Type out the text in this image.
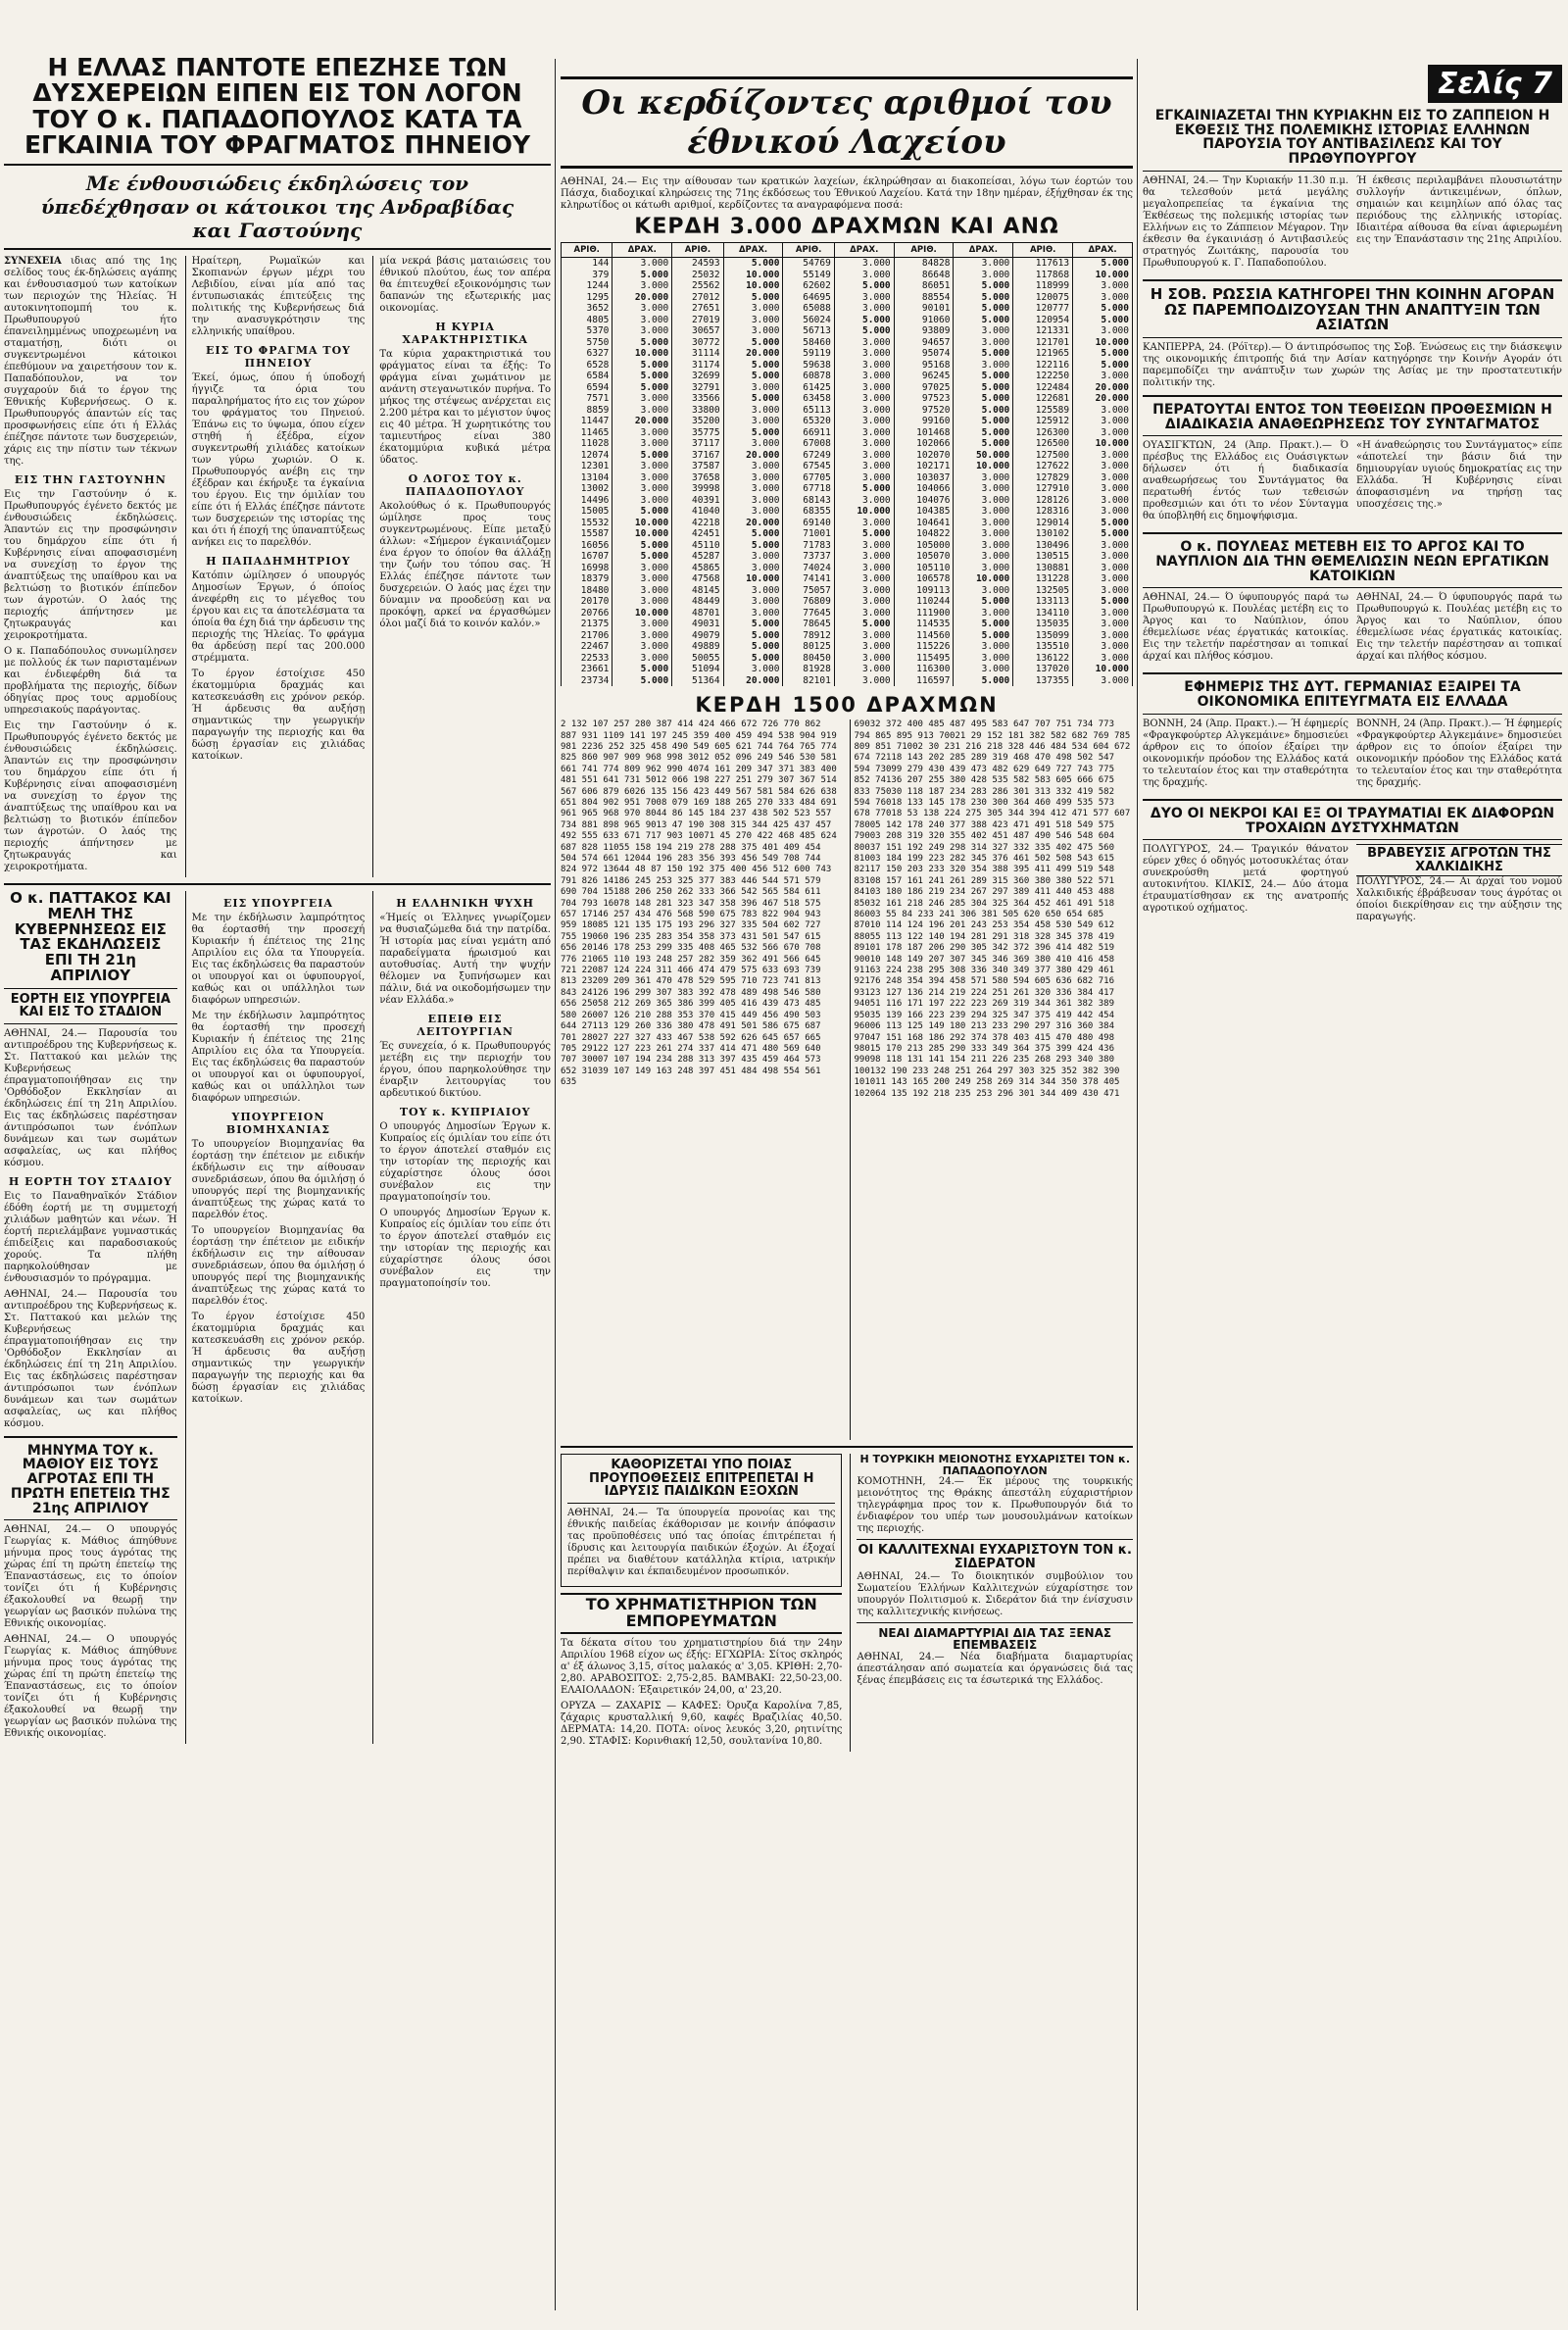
Η ΕΛΛΑΣ ΠΑΝΤΟΤΕ ΕΠΕΖΗΣΕ ΤΩΝ ΔΥΣΧΕΡΕΙΩΝ ΕΙΠΕΝ ΕΙΣ ΤΟΝ ΛΟΓΟΝ ΤΟΥ Ο κ. ΠΑΠΑΔΟΠΟΥΛΟΣ ΚΑΤΑ ΤΑ ΕΓΚΑΙΝΙΑ ΤΟΥ ΦΡΑΓΜΑΤΟΣ ΠΗΝΕΙΟΥ
Με ένθουσιώδεις έκδηλώσεις τον ύπεδέχθησαν οι κάτοικοι της Ανδραβίδας και Γαστούνης

ΣΥΝΕΧΕΙΑ ιδιας από της 1ης σελίδος τους έκ-δηλώσεις αγάπης και ένθουσιασμού των κατοίκων των περιοχών της Ήλείας. Ή αυτοκινητοπομπή του κ. Πρωθυπουργού ήτο έπανειλημμένως υποχρεωμένη να σταματήσῃ, διότι οι συγκεντρωμένοι κάτοικοι έπεθύμουν να χαιρετήσουν τον κ. Παπαδόπουλον, να τον συγχαρούν διά το έργον της Έθνικής Κυβερνήσεως. Ο κ. Πρωθυπουργός άπαντών είς τας προσφωνήσεις είπε ότι ή Ελλάς έπέζησε πάντοτε των δυσχερειών, χάρις εις την πίστιν των τέκνων της.

ΕΙΣ ΤΗΝ ΓΑΣΤΟΥΝΗΝ

Εις την Γαστούνην ό κ. Πρωθυπουργός έγένετο δεκτός με ένθουσιώδεις έκδηλώσεις. Άπαντών εις την προσφώνησιν του δημάρχου είπε ότι ή Κυβέρνησις είναι αποφασισμένη να συνεχίσῃ το έργον της άναπτύξεως της υπαίθρου και να βελτιώσῃ το βιοτικόν έπίπεδον των άγροτών. Ο λαός της περιοχής άπήντησεν με ζητωκραυγάς και χειροκροτήματα.

Ο κ. Παπαδόπουλος συνωμίλησεν με πολλούς έκ των παρισταμένων και ένδιεφέρθη διά τα προβλήματα της περιοχής, δίδων όδηγίας προς τους αρμοδίους υπηρεσιακούς παράγοντας.

Εις την Γαστούνην ό κ. Πρωθυπουργός έγένετο δεκτός με ένθουσιώδεις έκδηλώσεις. Άπαντών εις την προσφώνησιν του δημάρχου είπε ότι ή Κυβέρνησις είναι αποφασισμένη να συνεχίσῃ το έργον της άναπτύξεως της υπαίθρου και να βελτιώσῃ το βιοτικόν έπίπεδον των άγροτών. Ο λαός της περιοχής άπήντησεν με ζητωκραυγάς και χειροκροτήματα.

Ηραίτερη, Ρωμαϊκών και Σκοπιανών έργων μέχρι του Λεβιδίου, είναι μία από τας έντυπωσιακάς έπιτεύξεις της πολιτικής της Κυβερνήσεως διά την ανασυγκρότησιν της ελληνικής υπαίθρου.

ΕΙΣ ΤΟ ΦΡΑΓΜΑ ΤΟΥ ΠΗΝΕΙΟΥ

Έκεί, όμως, όπου ή ύποδοχή ήγγιζε τα όρια του παραληρήματος ήτο εις τον χώρον του φράγματος του Πηνειού. Έπάνω εις το ύψωμα, όπου είχεν στηθή ή έξέδρα, είχον συγκεντρωθή χιλιάδες κατοίκων των γύρω χωριών. Ο κ. Πρωθυπουργός ανέβη εις την έξέδραν και έκήρυξε τα έγκαίνια του έργου. Εις την όμιλίαν του είπε ότι ή Ελλάς έπέζησε πάντοτε των δυσχερειών της ιστορίας της και ότι ή έποχή της ύπαναπτύξεως ανήκει εις το παρελθόν.

Η ΠΑΠΑΔΗΜΗΤΡΙΟΥ

Κατόπιν ώμίλησεν ό υπουργός Δημοσίων Έργων, ό όποίος άνεφέρθη εις το μέγεθος του έργου και εις τα άποτελέσματα τα όποία θα έχη διά την άρδευσιν της περιοχής της Ήλείας. Το φράγμα θα άρδεύσῃ περί τας 200.000 στρέμματα.

Το έργον έστοίχισε 450 έκατομμύρια δραχμάς και κατεσκευάσθη εις χρόνον ρεκόρ. Ή άρδευσις θα αυξήσῃ σημαντικώς την γεωργικήν παραγωγήν της περιοχής και θα δώσῃ έργασίαν εις χιλιάδας κατοίκων.

μία νεκρά βάσις ματαιώσεις του έθνικού πλούτου, έως τον απέρα θα έπιτευχθεί εξοικονόμησις των δαπανών της εξωτερικής μας οικονομίας.

Η ΚΥΡΙΑ ΧΑΡΑΚΤΗΡΙΣΤΙΚΑ

Τα κύρια χαρακτηριστικά του φράγματος είναι τα έξής: Το φράγμα είναι χωμάτινον με ανάντη στεγανωτικόν πυρήνα. Το μήκος της στέψεως ανέρχεται εις 2.200 μέτρα και το μέγιστον ύψος εις 40 μέτρα. Ή χωρητικότης του ταμιευτήρος είναι 380 έκατομμύρια κυβικά μέτρα ύδατος.

Ο ΛΟΓΟΣ ΤΟΥ κ. ΠΑΠΑΔΟΠΟΥΛΟΥ

Ακολούθως ό κ. Πρωθυπουργός ώμίλησε προς τους συγκεντρωμένους. Είπε μεταξύ άλλων: «Σήμερον έγκαινιάζομεν ένα έργον το όποίον θα άλλάξῃ την ζωήν του τόπου σας. Ή Ελλάς έπέζησε πάντοτε των δυσχερειών. Ο λαός μας έχει την δύναμιν να προοδεύσῃ και να προκόψῃ, αρκεί να έργασθώμεν όλοι μαζί διά το κοινόν καλόν.»

Ο κ. ΠΑΤΤΑΚΟΣ ΚΑΙ ΜΕΛΗ ΤΗΣ ΚΥΒΕΡΝΗΣΕΩΣ ΕΙΣ ΤΑΣ ΕΚΔΗΛΩΣΕΙΣ ΕΠΙ ΤΗ 21η ΑΠΡΙΛΙΟΥ
ΕΟΡΤΗ ΕΙΣ ΥΠΟΥΡΓΕΙΑ ΚΑΙ ΕΙΣ ΤΟ ΣΤΑΔΙΟΝ

ΑΘΗΝΑΙ, 24.— Παρουσία του αντιπροέδρου της Κυβερνήσεως κ. Στ. Παττακού και μελών της Κυβερνήσεως έπραγματοποιήθησαν εις την 'Ορθόδοξον Εκκλησίαν αι έκδηλώσεις έπί τη 21η Απριλίου. Εις τας έκδηλώσεις παρέστησαν άντιπρόσωποι των ένόπλων δυνάμεων και των σωμάτων ασφαλείας, ως και πλήθος κόσμου.

Η ΕΟΡΤΗ ΤΟΥ ΣΤΑΔΙΟΥ

Εις το Παναθηναϊκόν Στάδιον έδόθη έορτή με τη συμμετοχή χιλιάδων μαθητών και νέων. Ή έορτή περιελάμβανε γυμναστικάς έπιδείξεις και παραδοσιακούς χορούς. Τα πλήθη παρηκολούθησαν με ένθουσιασμόν το πρόγραμμα.

ΑΘΗΝΑΙ, 24.— Παρουσία του αντιπροέδρου της Κυβερνήσεως κ. Στ. Παττακού και μελών της Κυβερνήσεως έπραγματοποιήθησαν εις την 'Ορθόδοξον Εκκλησίαν αι έκδηλώσεις έπί τη 21η Απριλίου. Εις τας έκδηλώσεις παρέστησαν άντιπρόσωποι των ένόπλων δυνάμεων και των σωμάτων ασφαλείας, ως και πλήθος κόσμου.

ΜΗΝΥΜΑ ΤΟΥ κ. ΜΑΘΙΟΥ ΕΙΣ ΤΟΥΣ ΑΓΡΟΤΑΣ ΕΠΙ ΤΗ ΠΡΩΤΗ ΕΠΕΤΕΙΩ ΤΗΣ 21ης ΑΠΡΙΛΙΟΥ

ΑΘΗΝΑΙ, 24.— Ο υπουργός Γεωργίας κ. Μάθιος άπηύθυνε μήνυμα προς τους άγρότας της χώρας έπί τη πρώτη έπετείῳ της Έπαναστάσεως, εις το όποίον τονίζει ότι ή Κυβέρνησις έξακολουθεί να θεωρῇ την γεωργίαν ως βασικόν πυλώνα της Εθνικής οικονομίας.

ΑΘΗΝΑΙ, 24.— Ο υπουργός Γεωργίας κ. Μάθιος άπηύθυνε μήνυμα προς τους άγρότας της χώρας έπί τη πρώτη έπετείῳ της Έπαναστάσεως, εις το όποίον τονίζει ότι ή Κυβέρνησις έξακολουθεί να θεωρῇ την γεωργίαν ως βασικόν πυλώνα της Εθνικής οικονομίας.

ΕΙΣ ΥΠΟΥΡΓΕΙΑ

Με την έκδήλωσιν λαμπρότητος θα έορτασθή την προσεχή Κυριακήν ή έπέτειος της 21ης Απριλίου εις όλα τα Υπουργεία. Εις τας έκδηλώσεις θα παραστούν οι υπουργοί και οι ύφυπουργοί, καθώς και οι υπάλληλοι των διαφόρων υπηρεσιών.

Με την έκδήλωσιν λαμπρότητος θα έορτασθή την προσεχή Κυριακήν ή έπέτειος της 21ης Απριλίου εις όλα τα Υπουργεία. Εις τας έκδηλώσεις θα παραστούν οι υπουργοί και οι ύφυπουργοί, καθώς και οι υπάλληλοι των διαφόρων υπηρεσιών.

ΥΠΟΥΡΓΕΙΟΝ ΒΙΟΜΗΧΑΝΙΑΣ

Το υπουργείον Βιομηχανίας θα έορτάσῃ την έπέτειον με ειδικήν έκδήλωσιν εις την αίθουσαν συνεδριάσεων, όπου θα όμιλήσῃ ό υπουργός περί της βιομηχανικής άναπτύξεως της χώρας κατά το παρελθόν έτος.

Το υπουργείον Βιομηχανίας θα έορτάσῃ την έπέτειον με ειδικήν έκδήλωσιν εις την αίθουσαν συνεδριάσεων, όπου θα όμιλήσῃ ό υπουργός περί της βιομηχανικής άναπτύξεως της χώρας κατά το παρελθόν έτος.

Το έργον έστοίχισε 450 έκατομμύρια δραχμάς και κατεσκευάσθη εις χρόνον ρεκόρ. Ή άρδευσις θα αυξήσῃ σημαντικώς την γεωργικήν παραγωγήν της περιοχής και θα δώσῃ έργασίαν εις χιλιάδας κατοίκων.

Η ΕΛΛΗΝΙΚΗ ΨΥΧΗ

«Ήμείς οι Έλληνες γνωρίζομεν να θυσιαζώμεθα διά την πατρίδα. Ή ιστορία μας είναι γεμάτη από παραδείγματα ήρωισμού και αυτοθυσίας. Αυτή την ψυχήν θέλομεν να ξυπνήσωμεν και πάλιν, διά να οικοδομήσωμεν την νέαν Ελλάδα.»

ΕΠΕΙΘ ΕΙΣ ΛΕΙΤΟΥΡΓΙΑΝ

Ές συνεχεία, ό κ. Πρωθυπουργός μετέβη εις την περιοχήν του έργου, όπου παρηκολούθησε την έναρξιν λειτουργίας του αρδευτικού δικτύου.

ΤΟΥ κ. ΚΥΠΡΙΑΙΟΥ

Ο υπουργός Δημοσίων Έργων κ. Κυπραίος είς όμιλίαν του είπε ότι το έργον άποτελεί σταθμόν εις την ιστορίαν της περιοχής και εύχαρίστησε όλους όσοι συνέβαλον εις την πραγματοποίησίν του.

Ο υπουργός Δημοσίων Έργων κ. Κυπραίος είς όμιλίαν του είπε ότι το έργον άποτελεί σταθμόν εις την ιστορίαν της περιοχής και εύχαρίστησε όλους όσοι συνέβαλον εις την πραγματοποίησίν του.

Οι κερδίζοντες αριθμοί του έθνικού Λαχείου

ΑΘΗΝΑΙ, 24.— Εις την αίθουσαν των κρατικών λαχείων, έκληρώθησαν αι διακοπείσαι, λόγω των έορτών του Πάσχα, διαδοχικαί κληρώσεις της 71ης έκδόσεως του Έθνικού Λαχείου. Κατά την 18ην ημέραν, έξήχθησαν έκ της κληρωτίδος οι κάτωθι αριθμοί, κερδίζοντες τα αναγραφόμενα ποσά:

ΚΕΡΔΗ 3.000 ΔΡΑΧΜΩΝ ΚΑΙ ΑΝΩ
ΑΡΙΘ.	ΔΡΑΧ.	ΑΡΙΘ.	ΔΡΑΧ.	ΑΡΙΘ.	ΔΡΑΧ.	ΑΡΙΘ.	ΔΡΑΧ.	ΑΡΙΘ.	ΔΡΑΧ.
144	3.000	24593	5.000	54769	3.000	84828	3.000	117613	5.000
379	5.000	25032	10.000	55149	3.000	86648	3.000	117868	10.000
1244	3.000	25562	10.000	62602	5.000	86051	5.000	118999	3.000
1295	20.000	27012	5.000	64695	3.000	88554	5.000	120075	3.000
3652	3.000	27651	3.000	65088	3.000	90101	5.000	120777	5.000
4805	3.000	27019	3.000	56024	5.000	91060	5.000	120954	5.000
5370	3.000	30657	3.000	56713	5.000	93809	3.000	121331	3.000
5750	5.000	30772	5.000	58460	3.000	94657	3.000	121701	10.000
6327	10.000	31114	20.000	59119	3.000	95074	5.000	121965	5.000
6528	5.000	31174	5.000	59638	3.000	95168	3.000	122116	5.000
6584	5.000	32699	5.000	60878	3.000	96245	5.000	122250	3.000
6594	5.000	32791	3.000	61425	3.000	97025	5.000	122484	20.000
7571	3.000	33566	5.000	63458	3.000	97523	5.000	122681	20.000
8859	3.000	33800	3.000	65113	3.000	97520	5.000	125589	3.000
11447	20.000	35200	3.000	65320	3.000	99160	5.000	125912	3.000
11465	3.000	35775	5.000	66911	3.000	101468	5.000	126300	3.000
11028	3.000	37117	3.000	67008	3.000	102066	5.000	126500	10.000
12074	5.000	37167	20.000	67249	3.000	102070	50.000	127500	3.000
12301	3.000	37587	3.000	67545	3.000	102171	10.000	127622	3.000
13104	3.000	37658	3.000	67705	3.000	103037	3.000	127829	3.000
13002	3.000	39998	3.000	67718	5.000	104066	3.000	127910	3.000
14496	3.000	40391	3.000	68143	3.000	104076	3.000	128126	3.000
15005	5.000	41040	3.000	68355	10.000	104385	3.000	128316	3.000
15532	10.000	42218	20.000	69140	3.000	104641	3.000	129014	5.000
15587	10.000	42451	5.000	71001	5.000	104822	3.000	130102	5.000
16056	5.000	45110	5.000	71783	3.000	105000	3.000	130496	3.000
16707	5.000	45287	3.000	73737	3.000	105070	3.000	130515	3.000
16998	3.000	45865	3.000	74024	3.000	105110	3.000	130881	3.000
18379	3.000	47568	10.000	74141	3.000	106578	10.000	131228	3.000
18480	3.000	48145	3.000	75057	3.000	109113	3.000	132505	3.000
20170	3.000	48449	3.000	76809	3.000	110244	5.000	133113	5.000
20766	10.000	48701	3.000	77645	3.000	111900	3.000	134110	3.000
21375	3.000	49031	5.000	78645	5.000	114535	5.000	135035	3.000
21706	3.000	49079	5.000	78912	3.000	114560	5.000	135099	3.000
22467	3.000	49889	5.000	80125	3.000	115226	3.000	135510	3.000
22533	3.000	50055	5.000	80450	3.000	115495	3.000	136122	3.000
23661	5.000	51094	3.000	81928	3.000	116300	3.000	137020	10.000
23734	5.000	51364	20.000	82101	3.000	116597	5.000	137355	3.000
ΚΕΡΔΗ 1500 ΔΡΑΧΜΩΝ
2 132 107 257 280 387 414 424 466 672 726 770 862 887 931 1109 141 197 245 359 400 459 494 538 904 919 981 2236 252 325 458 490 549 605 621 744 764 765 774 825 860 907 909 968 998 3012 052 096 249 546 530 581 661 741 774 809 962 990 4074 161 209 347 371 383 400 481 551 641 731 5012 066 198 227 251 279 307 367 514 567 606 879 6026 135 156 423 449 567 581 584 626 638 651 804 902 951 7008 079 169 188 265 270 333 484 691 961 965 968 970 8044 86 145 184 237 438 502 523 557 734 881 898 965 9013 47 190 308 315 344 425 437 457 492 555 633 671 717 903 10071 45 270 422 468 485 624 687 828 11055 158 194 219 278 288 375 401 409 454 504 574 661 12044 196 283 356 393 456 549 708 744 824 972 13644 48 87 150 192 375 400 456 512 600 743 791 826 14186 245 253 325 377 383 446 544 571 579 690 704 15188 206 250 262 333 366 542 565 584 611 704 793 16078 148 281 323 347 358 396 467 518 575 657 17146 257 434 476 568 590 675 783 822 904 943 959 18085 121 135 175 193 296 327 335 504 602 727 755 19060 196 235 283 354 358 373 431 501 547 615 656 20146 178 253 299 335 408 465 532 566 670 708 776 21065 110 193 248 257 282 359 362 491 566 645 721 22087 124 224 311 466 474 479 575 633 693 739 813 23209 209 361 470 478 529 595 710 723 741 813 843 24126 196 299 307 383 392 478 489 498 546 580 656 25058 212 269 365 386 399 405 416 439 473 485 580 26007 126 210 288 353 370 415 449 456 490 503 644 27113 129 260 336 380 478 491 501 586 675 687 701 28027 227 327 433 467 538 592 626 645 657 665 705 29122 127 223 261 274 337 414 471 480 569 640 707 30007 107 194 234 288 313 397 435 459 464 573 652 31039 107 149 163 248 397 451 484 498 554 561 635
69032 372 400 485 487 495 583 647 707 751 734 773 794 865 895 913 70021 29 152 181 382 582 682 769 785 809 851 71002 30 231 216 218 328 446 484 534 604 672 674 72118 143 202 285 289 319 468 470 498 502 547 594 73099 279 430 439 473 482 629 649 727 743 775 852 74136 207 255 380 428 535 582 583 605 666 675 833 75030 118 187 234 283 286 301 313 332 419 582 594 76018 133 145 178 230 300 364 460 499 535 573 678 77018 53 138 224 275 305 344 394 412 471 577 607 78005 142 178 240 377 388 423 471 491 518 549 575 79003 208 319 320 355 402 451 487 490 546 548 604 80037 151 192 249 298 314 327 332 335 402 475 560 81003 184 199 223 282 345 376 461 502 508 543 615 82117 150 203 233 320 354 388 395 411 499 519 548 83108 157 161 241 261 289 315 360 380 380 522 571 84103 180 186 219 234 267 297 389 411 440 453 488 85032 161 218 246 285 304 325 364 452 461 491 518 86003 55 84 233 241 306 381 505 620 650 654 685 87010 114 124 196 201 243 253 354 458 530 549 612 88055 113 122 140 194 281 291 318 328 345 378 419 89101 178 187 206 290 305 342 372 396 414 482 519 90010 148 149 207 307 345 346 369 380 410 416 458 91163 224 238 295 308 336 340 349 377 380 429 461 92176 248 354 394 458 571 580 594 605 636 682 716 93123 127 136 214 219 224 251 261 320 336 384 417 94051 116 171 197 222 223 269 319 344 361 382 389 95035 139 166 223 239 294 325 347 375 419 442 454 96006 113 125 149 180 213 233 290 297 316 360 384 97047 151 168 186 292 374 378 403 415 470 480 498 98015 170 213 285 290 333 349 364 375 399 424 436 99098 118 131 141 154 211 226 235 268 293 340 380 100132 190 233 248 251 264 297 303 325 352 382 390 101011 143 165 200 249 258 269 314 344 350 378 405 102064 135 192 218 235 253 296 301 344 409 430 471
ΚΑΘΟΡΙΖΕΤΑΙ ΥΠΟ ΠΟΙΑΣ ΠΡΟΥΠΟΘΕΣΕΙΣ ΕΠΙΤΡΕΠΕΤΑΙ Η ΙΔΡΥΣΙΣ ΠΑΙΔΙΚΩΝ ΕΞΟΧΩΝ

ΑΘΗΝΑΙ, 24.— Τα ύπουργεία προνοίας και της έθνικής παιδείας έκάθορισαν με κοινήν άπόφασιν τας προϋποθέσεις υπό τας όποίας έπιτρέπεται ή ίδρυσις και λειτουργία παιδικών έξοχών. Αι έξοχαί πρέπει να διαθέτουν κατάλληλα κτίρια, ιατρικήν περίθαλψιν και έκπαιδευμένον προσωπικόν.

ΤΟ ΧΡΗΜΑΤΙΣΤΗΡΙΟΝ ΤΩΝ ΕΜΠΟΡΕΥΜΑΤΩΝ

Τα δέκατα σίτου του χρηματιστηρίου διά την 24ην Απριλίου 1968 είχον ως έξής: ΕΓΧΩΡΙΑ: Σίτος σκληρός α' έξ άλωνος 3,15, σίτος μαλακός α' 3,05. ΚΡΙΘΗ: 2,70-2,80. ΑΡΑΒΟΣΙΤΟΣ: 2,75-2,85. ΒΑΜΒΑΚΙ: 22,50-23,00. ΕΛΑΙΟΛΑΔΟΝ: Έξαιρετικόν 24,00, α' 23,20.

ΟΡΥΖΑ — ΖΑΧΑΡΙΣ — ΚΑΦΕΣ: Όρυζα Καρολίνα 7,85, ζάχαρις κρυσταλλική 9,60, καφές Βραζιλίας 40,50. ΔΕΡΜΑΤΑ: 14,20. ΠΟΤΑ: οίνος λευκός 3,20, ρητινίτης 2,90. ΣΤΑΦΙΣ: Κορινθιακή 12,50, σουλτανίνα 10,80.

Η ΤΟΥΡΚΙΚΗ ΜΕΙΟΝΟΤΗΣ ΕΥΧΑΡΙΣΤΕΙ ΤΟΝ κ. ΠΑΠΑΔΟΠΟΥΛΟΝ

ΚΟΜΟΤΗΝΗ, 24.— Έκ μέρους της τουρκικής μειονότητος της Θράκης άπεστάλη εύχαριστήριον τηλεγράφημα προς τον κ. Πρωθυπουργόν διά το ένδιαφέρον του υπέρ των μουσουλμάνων κατοίκων της περιοχής.

ΟΙ ΚΑΛΛΙΤΕΧΝΑΙ ΕΥΧΑΡΙΣΤΟΥΝ ΤΟΝ κ. ΣΙΔΕΡΑΤΟΝ

ΑΘΗΝΑΙ, 24.— Το διοικητικόν συμβούλιον του Σωματείου Έλλήνων Καλλιτεχνών εύχαρίστησε τον υπουργόν Πολιτισμού κ. Σιδεράτον διά την ένίσχυσιν της καλλιτεχνικής κινήσεως.

ΝΕΑΙ ΔΙΑΜΑΡΤΥΡΙΑΙ ΔΙΑ ΤΑΣ ΞΕΝΑΣ ΕΠΕΜΒΑΣΕΙΣ

ΑΘΗΝΑΙ, 24.— Νέα διαβήματα διαμαρτυρίας άπεστάλησαν από σωματεία και όργανώσεις διά τας ξένας έπεμβάσεις εις τα έσωτερικά της Ελλάδος.

Σελίς 7
ΕΓΚΑΙΝΙΑΖΕΤΑΙ ΤΗΝ ΚΥΡΙΑΚΗΝ ΕΙΣ ΤΟ ΖΑΠΠΕΙΟΝ Η ΕΚΘΕΣΙΣ ΤΗΣ ΠΟΛΕΜΙΚΗΣ ΙΣΤΟΡΙΑΣ ΕΛΛΗΝΩΝ ΠΑΡΟΥΣΙΑ ΤΟΥ ΑΝΤΙΒΑΣΙΛΕΩΣ ΚΑΙ ΤΟΥ ΠΡΩΘΥΠΟΥΡΓΟΥ

ΑΘΗΝΑΙ, 24.— Την Κυριακήν 11.30 π.μ. θα τελεσθούν μετά μεγάλης μεγαλοπρεπείας τα έγκαίνια της Έκθέσεως της πολεμικής ιστορίας των Ελλήνων εις το Ζάππειον Μέγαρον. Την έκθεσιν θα έγκαινιάσῃ ό Αντιβασιλεύς στρατηγός Ζωιτάκης, παρουσία του Πρωθυπουργού κ. Γ. Παπαδοπούλου.

Ή έκθεσις περιλαμβάνει πλουσιωτάτην συλλογήν άντικειμένων, όπλων, σημαιών και κειμηλίων από όλας τας περιόδους της ελληνικής ιστορίας. Ιδιαιτέρα αίθουσα θα είναι άφιερωμένη εις την Έπανάστασιν της 21ης Απριλίου.

Η ΣΟΒ. ΡΩΣΣΙΑ ΚΑΤΗΓΟΡΕΙ ΤΗΝ ΚΟΙΝΗΝ ΑΓΟΡΑΝ ΩΣ ΠΑΡΕΜΠΟΔΙΖΟΥΣΑΝ ΤΗΝ ΑΝΑΠΤΥΞΙΝ ΤΩΝ ΑΣΙΑΤΩΝ

ΚΑΝΠΕΡΡΑ, 24. (Ρόϊτερ).— Ό άντιπρόσωπος της Σοβ. Ένώσεως εις την διάσκεψιν της οικονομικής έπιτροπής διά την Ασίαν κατηγόρησε την Κοινήν Αγοράν ότι παρεμποδίζει την ανάπτυξιν των χωρών της Ασίας με την προστατευτικήν πολιτικήν της.

ΠΕΡΑΤΟΥΤΑΙ ΕΝΤΟΣ ΤΟΝ ΤΕΘΕΙΣΩΝ ΠΡΟΘΕΣΜΙΩΝ Η ΔΙΑΔΙΚΑΣΙΑ ΑΝΑΘΕΩΡΗΣΕΩΣ ΤΟΥ ΣΥΝΤΑΓΜΑΤΟΣ

ΟΥΑΣΙΓΚΤΩΝ, 24 (Άπρ. Πρακτ.).— Ό πρέσβυς της Ελλάδος εις Ουάσιγκτων δήλωσεν ότι ή διαδικασία αναθεωρήσεως του Συντάγματος θα περατωθή έντός των τεθεισών προθεσμιών και ότι το νέον Σύνταγμα θα ύποβληθή εις δημοψήφισμα.

«Η άναθεώρησις του Συντάγματος» είπε «άποτελεί την βάσιν διά την δημιουργίαν υγιούς δημοκρατίας εις την Ελλάδα. Ή Κυβέρνησις είναι άποφασισμένη να τηρήσῃ τας υποσχέσεις της.»

Ο κ. ΠΟΥΛΕΑΣ ΜΕΤΕΒΗ ΕΙΣ ΤΟ ΑΡΓΟΣ ΚΑΙ ΤΟ ΝΑΥΠΛΙΟΝ ΔΙΑ ΤΗΝ ΘΕΜΕΛΙΩΣΙΝ ΝΕΩΝ ΕΡΓΑΤΙΚΩΝ ΚΑΤΟΙΚΙΩΝ

ΑΘΗΝΑΙ, 24.— Ό ύφυπουργός παρά τω Πρωθυπουργώ κ. Πουλέας μετέβη εις το Άργος και το Ναύπλιον, όπου έθεμελίωσε νέας έργατικάς κατοικίας. Εις την τελετήν παρέστησαν αι τοπικαί άρχαί και πλήθος κόσμου.

ΑΘΗΝΑΙ, 24.— Ό ύφυπουργός παρά τω Πρωθυπουργώ κ. Πουλέας μετέβη εις το Άργος και το Ναύπλιον, όπου έθεμελίωσε νέας έργατικάς κατοικίας. Εις την τελετήν παρέστησαν αι τοπικαί άρχαί και πλήθος κόσμου.

ΕΦΗΜΕΡΙΣ ΤΗΣ ΔΥΤ. ΓΕΡΜΑΝΙΑΣ ΕΞΑΙΡΕΙ ΤΑ ΟΙΚΟΝΟΜΙΚΑ ΕΠΙΤΕΥΓΜΑΤΑ ΕΙΣ ΕΛΛΑΔΑ

ΒΟΝΝΗ, 24 (Άπρ. Πρακτ.).— Ή έφημερίς «Φραγκφούρτερ Αλγκεμάινε» δημοσιεύει άρθρον εις το όποίον έξαίρει την οικονομικήν πρόοδον της Ελλάδος κατά το τελευταίον έτος και την σταθερότητα της δραχμής.

ΒΟΝΝΗ, 24 (Άπρ. Πρακτ.).— Ή έφημερίς «Φραγκφούρτερ Αλγκεμάινε» δημοσιεύει άρθρον εις το όποίον έξαίρει την οικονομικήν πρόοδον της Ελλάδος κατά το τελευταίον έτος και την σταθερότητα της δραχμής.

ΔΥΟ ΟΙ ΝΕΚΡΟΙ ΚΑΙ ΕΞ ΟΙ ΤΡΑΥΜΑΤΙΑΙ ΕΚ ΔΙΑΦΟΡΩΝ ΤΡΟΧΑΙΩΝ ΔΥΣΤΥΧΗΜΑΤΩΝ

ΠΟΛΥΓΥΡΟΣ, 24.— Τραγικόν θάνατον εύρεν χθες ό οδηγός μοτοσυκλέτας όταν συνεκρούσθη μετά φορτηγού αυτοκινήτου. ΚΙΛΚΙΣ, 24.— Δύο άτομα έτραυματίσθησαν εκ της ανατροπής αγροτικού οχήματος.

ΒΡΑΒΕΥΣΙΣ ΑΓΡΟΤΩΝ ΤΗΣ ΧΑΛΚΙΔΙΚΗΣ

ΠΟΛΥΓΥΡΟΣ, 24.— Αι άρχαί του νομού Χαλκιδικής έβράβευσαν τους άγρότας οι όποίοι διεκρίθησαν εις την αύξησιν της παραγωγής.
